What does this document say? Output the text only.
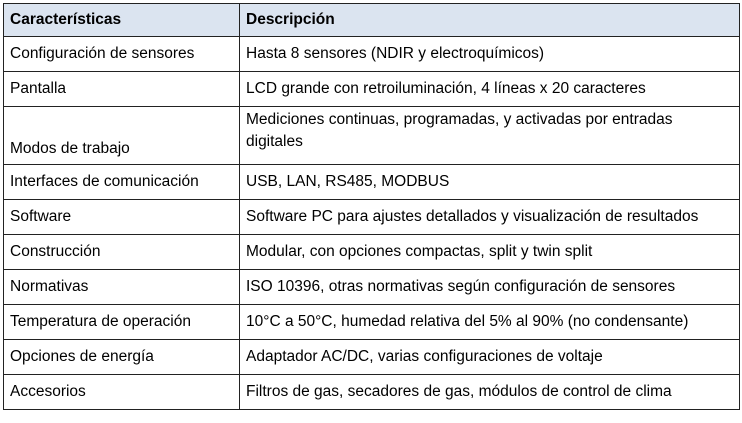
Características	Descripción
Configuración de sensores	Hasta 8 sensores (NDIR y electroquímicos)
Pantalla	LCD grande con retroiluminación, 4 líneas x 20 caracteres
Modos de trabajo	Mediciones continuas, programadas, y activadas por entradas digitales
Interfaces de comunicación	USB, LAN, RS485, MODBUS
Software	Software PC para ajustes detallados y visualización de resultados
Construcción	Modular, con opciones compactas, split y twin split
Normativas	ISO 10396, otras normativas según configuración de sensores
Temperatura de operación	10°C a 50°C, humedad relativa del 5% al 90% (no condensante)
Opciones de energía	Adaptador AC/DC, varias configuraciones de voltaje
Accesorios	Filtros de gas, secadores de gas, módulos de control de clima
